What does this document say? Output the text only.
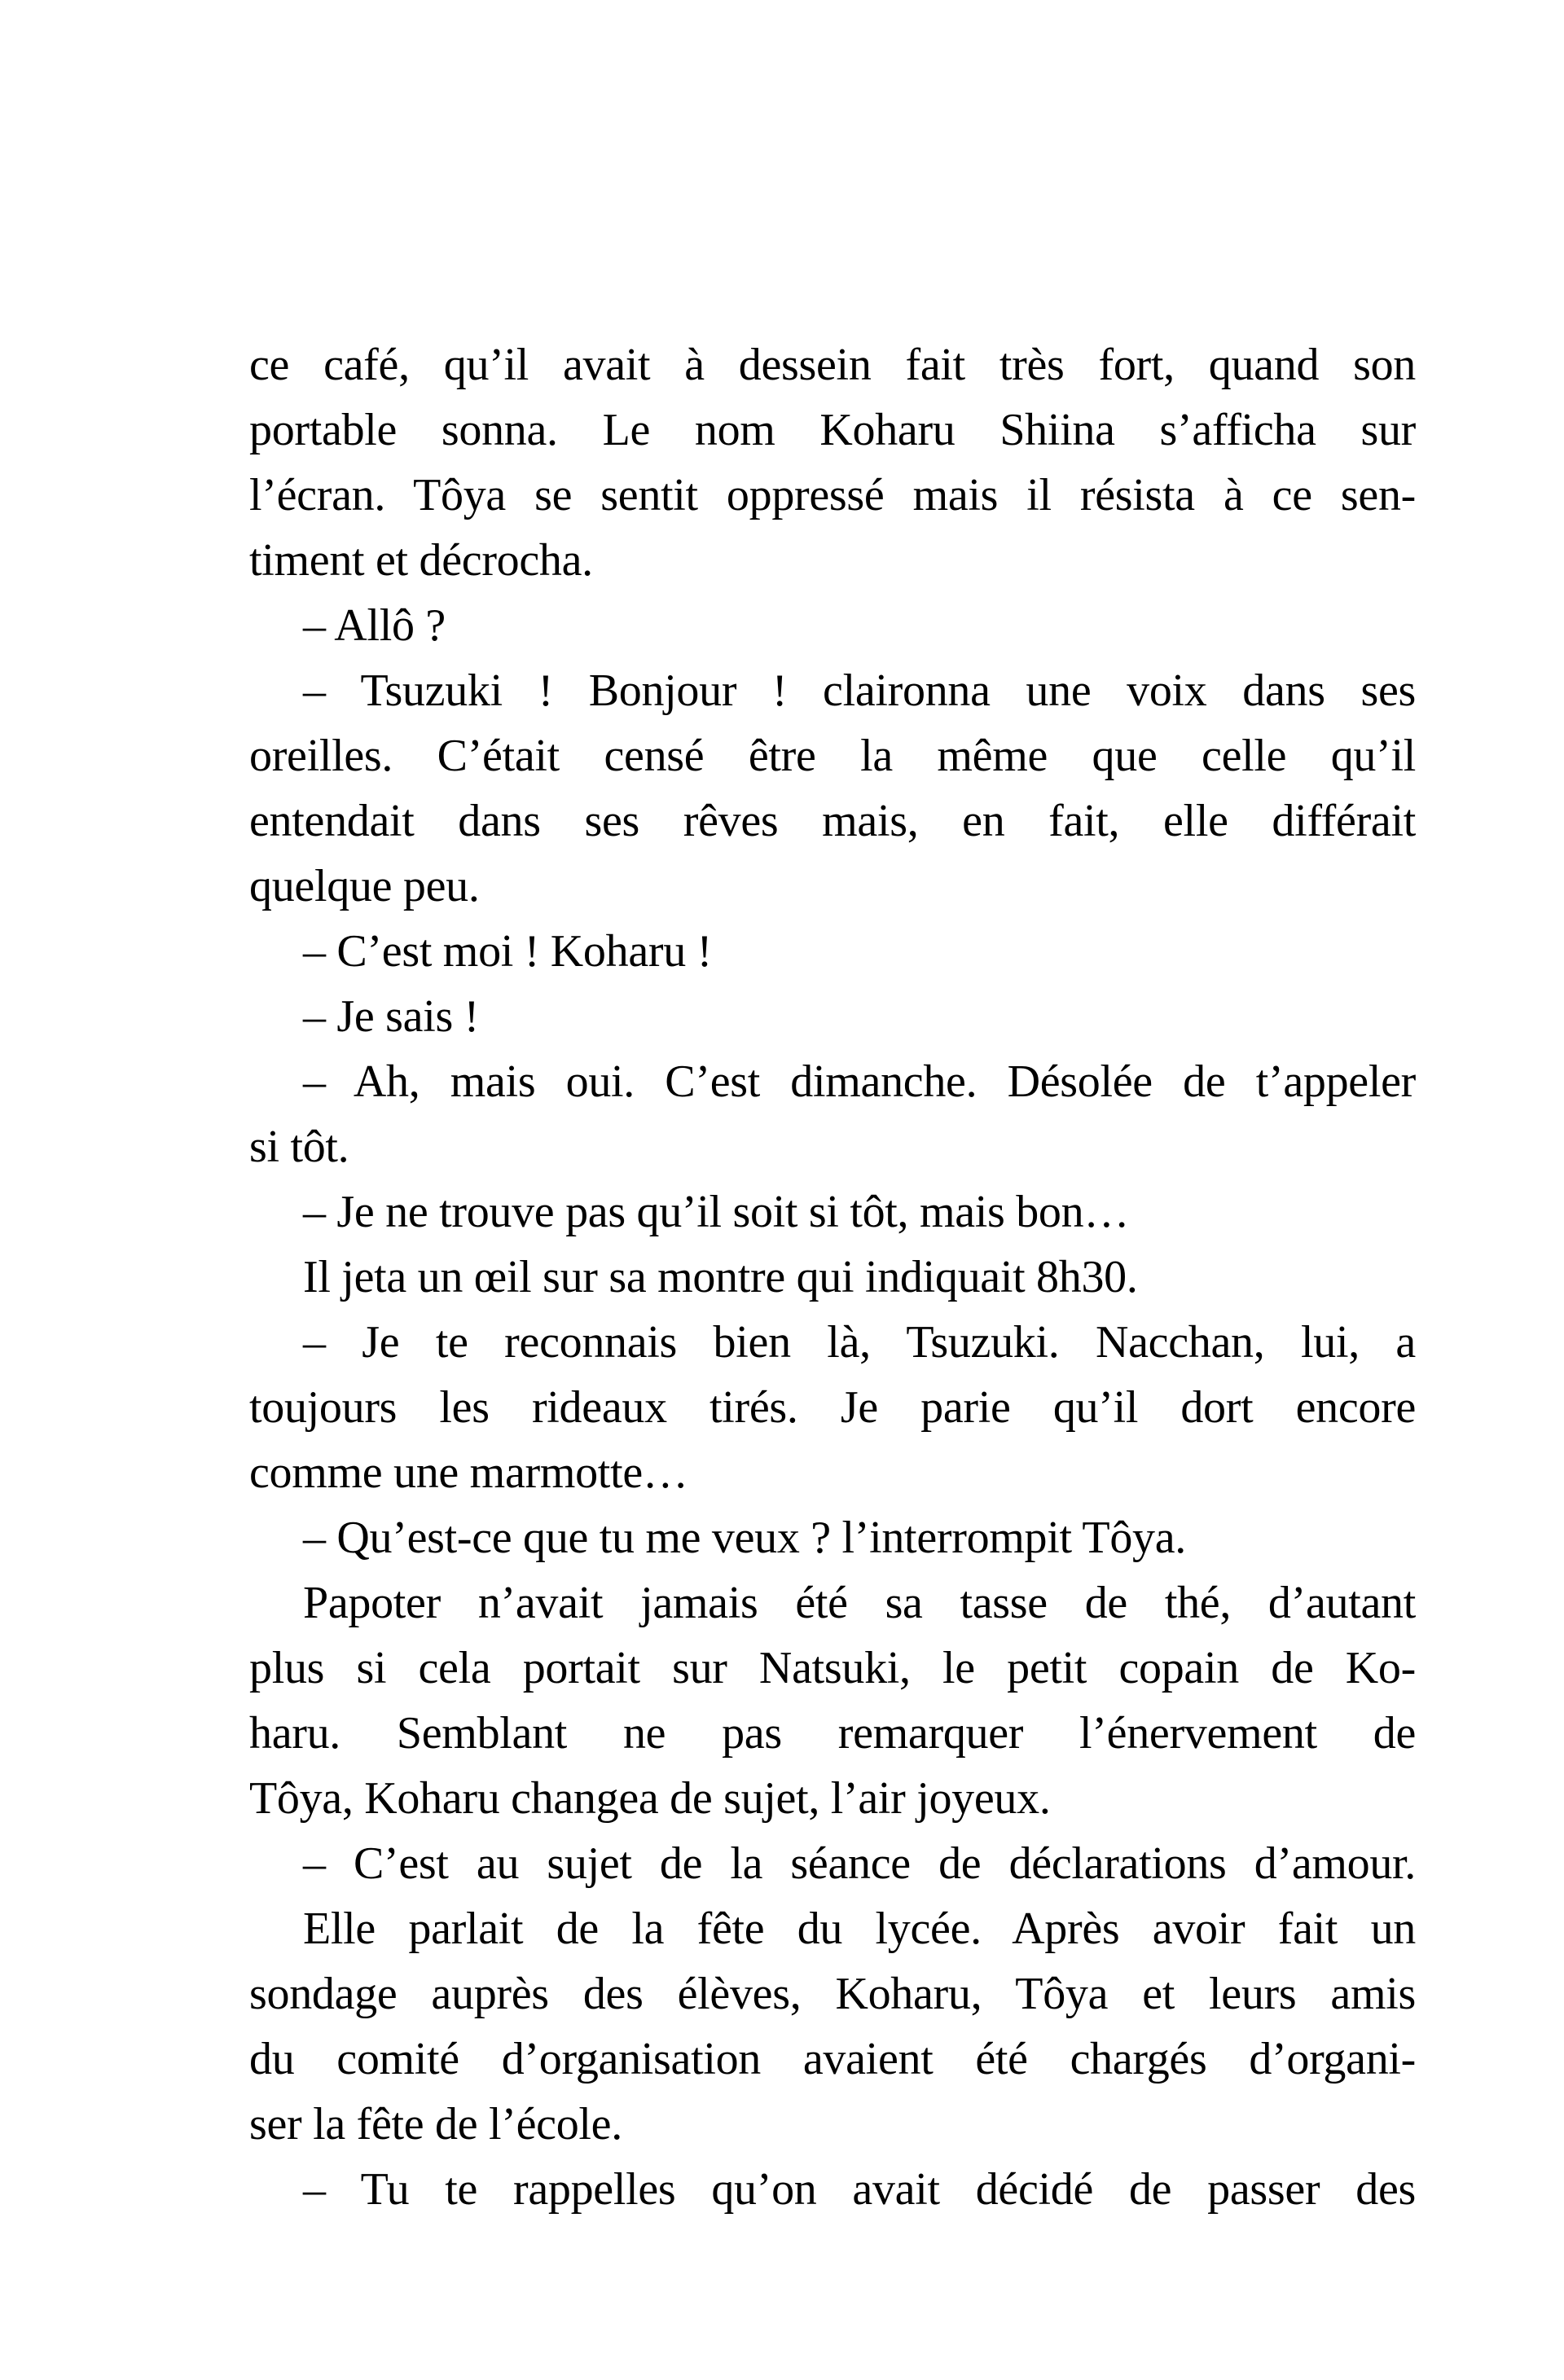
ce café, qu’il avait à dessein fait très fort, quand son
portable sonna. Le nom Koharu Shiina s’afficha sur
l’écran. Tôya se sentit oppressé mais il résista à ce sen-
timent et décrocha.
– Allô ?
– Tsuzuki ! Bonjour ! claironna une voix dans ses
oreilles. C’était censé être la même que celle qu’il
entendait dans ses rêves mais, en fait, elle différait
quelque peu.
– C’est moi ! Koharu !
– Je sais !
– Ah, mais oui. C’est dimanche. Désolée de t’appeler
si tôt.
– Je ne trouve pas qu’il soit si tôt, mais bon…
Il jeta un œil sur sa montre qui indiquait 8h30.
– Je te reconnais bien là, Tsuzuki. Nacchan, lui, a
toujours les rideaux tirés. Je parie qu’il dort encore
comme une marmotte…
– Qu’est-ce que tu me veux ? l’interrompit Tôya.
Papoter n’avait jamais été sa tasse de thé, d’autant
plus si cela portait sur Natsuki, le petit copain de Ko-
haru. Semblant ne pas remarquer l’énervement de
Tôya, Koharu changea de sujet, l’air joyeux.
– C’est au sujet de la séance de déclarations d’amour.
Elle parlait de la fête du lycée. Après avoir fait un
sondage auprès des élèves, Koharu, Tôya et leurs amis
du comité d’organisation avaient été chargés d’organi-
ser la fête de l’école.
– Tu te rappelles qu’on avait décidé de passer des
